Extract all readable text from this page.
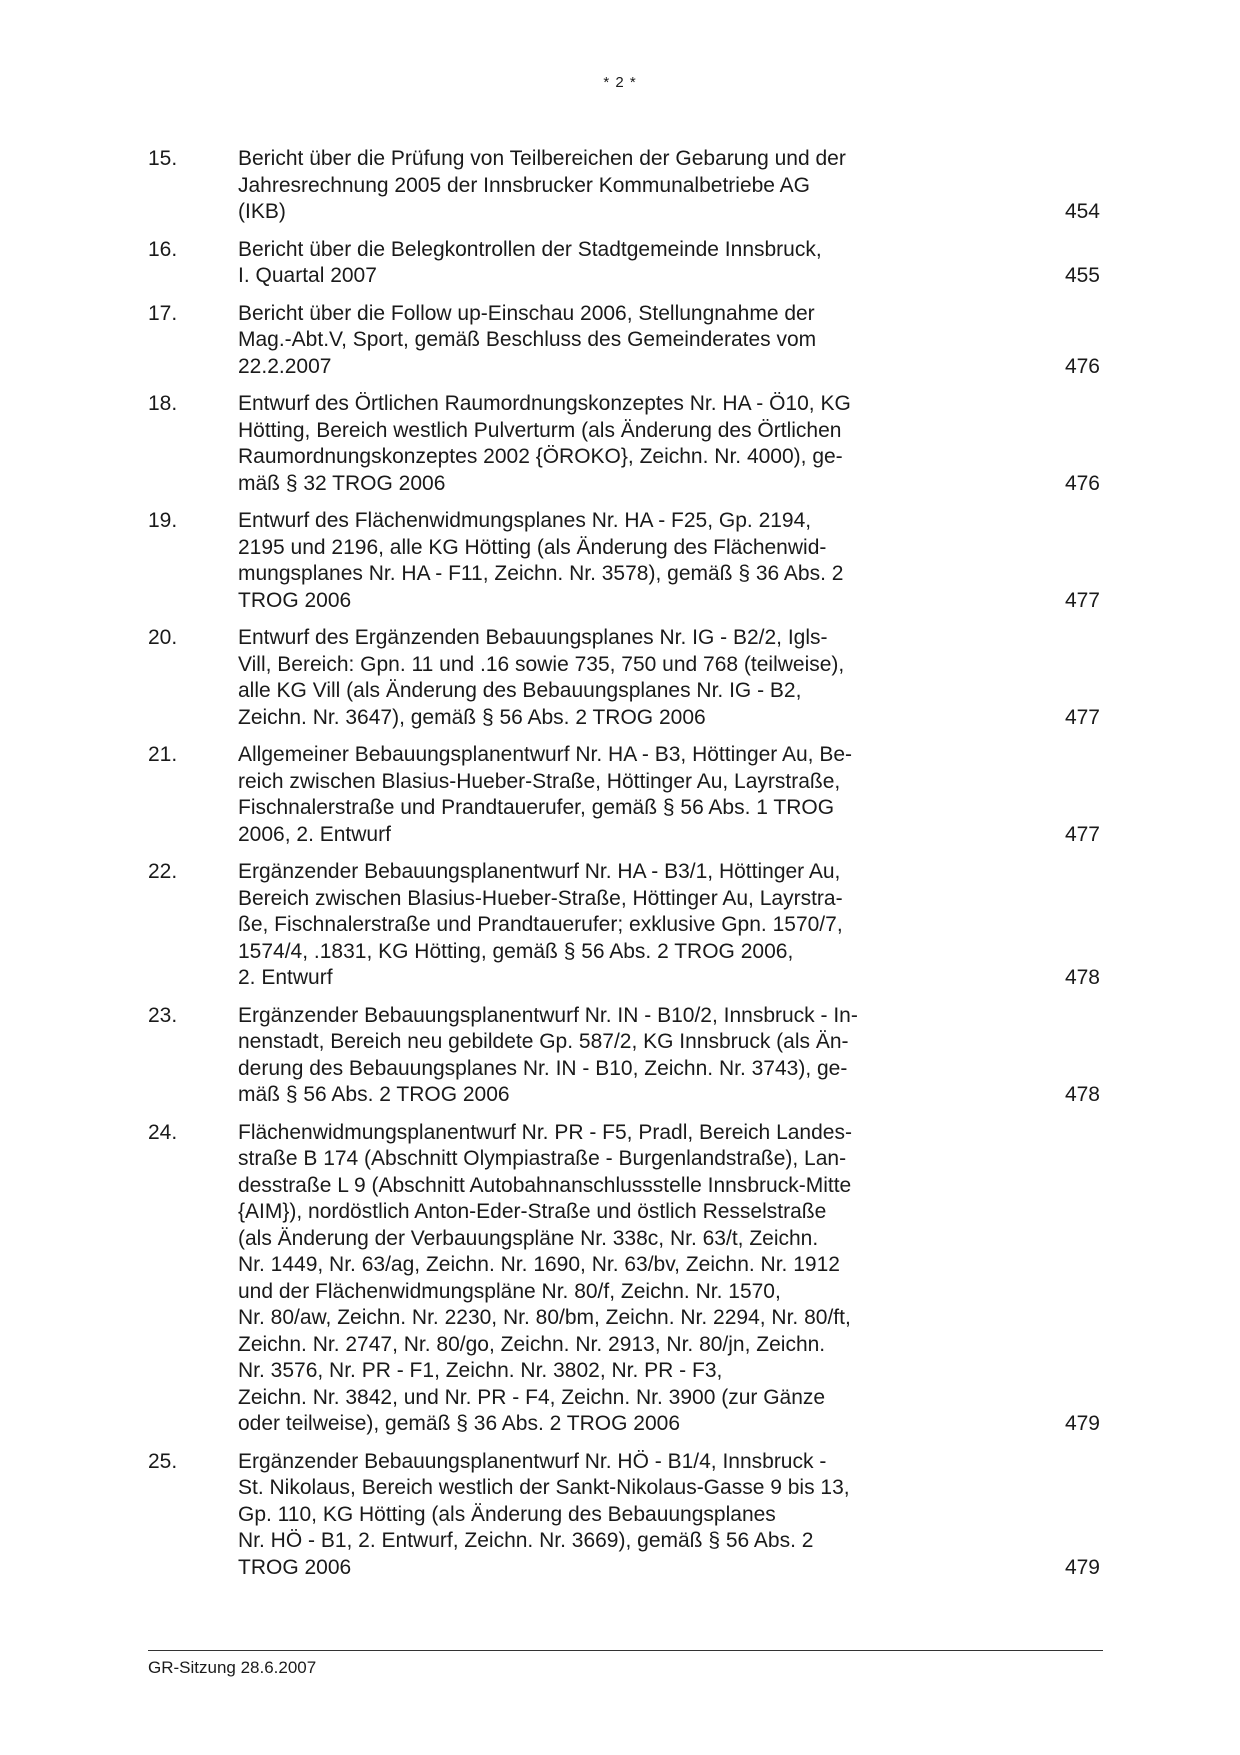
* 2 *
15.	Bericht über die Prüfung von Teilbereichen der Gebarung und der
Jahresrechnung 2005 der Innsbrucker Kommunalbetriebe AG
(IKB)	454
16.	Bericht über die Belegkontrollen der Stadtgemeinde Innsbruck,
I. Quartal 2007	455
17.	Bericht über die Follow up-Einschau 2006, Stellungnahme der
Mag.-Abt.V, Sport, gemäß Beschluss des Gemeinderates vom
22.2.2007	476
18.	Entwurf des Örtlichen Raumordnungskonzeptes Nr. HA - Ö10, KG
Hötting, Bereich westlich Pulverturm (als Änderung des Örtlichen
Raumordnungskonzeptes 2002 {ÖROKO}, Zeichn. Nr. 4000), ge-
mäß § 32 TROG 2006	476
19.	Entwurf des Flächenwidmungsplanes Nr. HA - F25, Gp. 2194,
2195 und 2196, alle KG Hötting (als Änderung des Flächenwid-
mungsplanes Nr. HA - F11, Zeichn. Nr. 3578), gemäß § 36 Abs. 2
TROG 2006	477
20.	Entwurf des Ergänzenden Bebauungsplanes Nr. IG - B2/2, Igls-
Vill, Bereich: Gpn. 11 und .16 sowie 735, 750 und 768 (teilweise),
alle KG Vill (als Änderung des Bebauungsplanes Nr. IG - B2,
Zeichn. Nr. 3647), gemäß § 56 Abs. 2 TROG 2006	477
21.	Allgemeiner Bebauungsplanentwurf Nr. HA - B3, Höttinger Au, Be-
reich zwischen Blasius-Hueber-Straße, Höttinger Au, Layrstraße,
Fischnalerstraße und Prandtauerufer, gemäß § 56 Abs. 1 TROG
2006, 2. Entwurf	477
22.	Ergänzender Bebauungsplanentwurf Nr. HA - B3/1, Höttinger Au,
Bereich zwischen Blasius-Hueber-Straße, Höttinger Au, Layrstra-
ße, Fischnalerstraße und Prandtauerufer; exklusive Gpn. 1570/7,
1574/4, .1831, KG Hötting, gemäß § 56 Abs. 2 TROG 2006,
2. Entwurf	478
23.	Ergänzender Bebauungsplanentwurf Nr. IN - B10/2, Innsbruck - In-
nenstadt, Bereich neu gebildete Gp. 587/2, KG Innsbruck (als Än-
derung des Bebauungsplanes Nr. IN - B10, Zeichn. Nr. 3743), ge-
mäß § 56 Abs. 2 TROG 2006	478
24.	Flächenwidmungsplanentwurf Nr. PR - F5, Pradl, Bereich Landes-
straße B 174 (Abschnitt Olympiastraße - Burgenlandstraße), Lan-
desstraße L 9 (Abschnitt Autobahnanschlussstelle Innsbruck-Mitte
{AIM}), nordöstlich Anton-Eder-Straße und östlich Resselstraße
(als Änderung der Verbauungspläne Nr. 338c, Nr. 63/t, Zeichn.
Nr. 1449, Nr. 63/ag, Zeichn. Nr. 1690, Nr. 63/bv, Zeichn. Nr. 1912
und der Flächenwidmungspläne Nr. 80/f, Zeichn. Nr. 1570,
Nr. 80/aw, Zeichn. Nr. 2230, Nr. 80/bm, Zeichn. Nr. 2294, Nr. 80/ft,
Zeichn. Nr. 2747, Nr. 80/go, Zeichn. Nr. 2913, Nr. 80/jn, Zeichn.
Nr. 3576, Nr. PR - F1, Zeichn. Nr. 3802, Nr. PR - F3,
Zeichn. Nr. 3842, und Nr. PR - F4, Zeichn. Nr. 3900 (zur Gänze
oder teilweise), gemäß § 36 Abs. 2 TROG 2006	479
25.	Ergänzender Bebauungsplanentwurf Nr. HÖ - B1/4, Innsbruck -
St. Nikolaus, Bereich westlich der Sankt-Nikolaus-Gasse 9 bis 13,
Gp. 110, KG Hötting (als Änderung des Bebauungsplanes
Nr. HÖ - B1, 2. Entwurf, Zeichn. Nr. 3669), gemäß § 56 Abs. 2
TROG 2006	479
GR-Sitzung 28.6.2007
